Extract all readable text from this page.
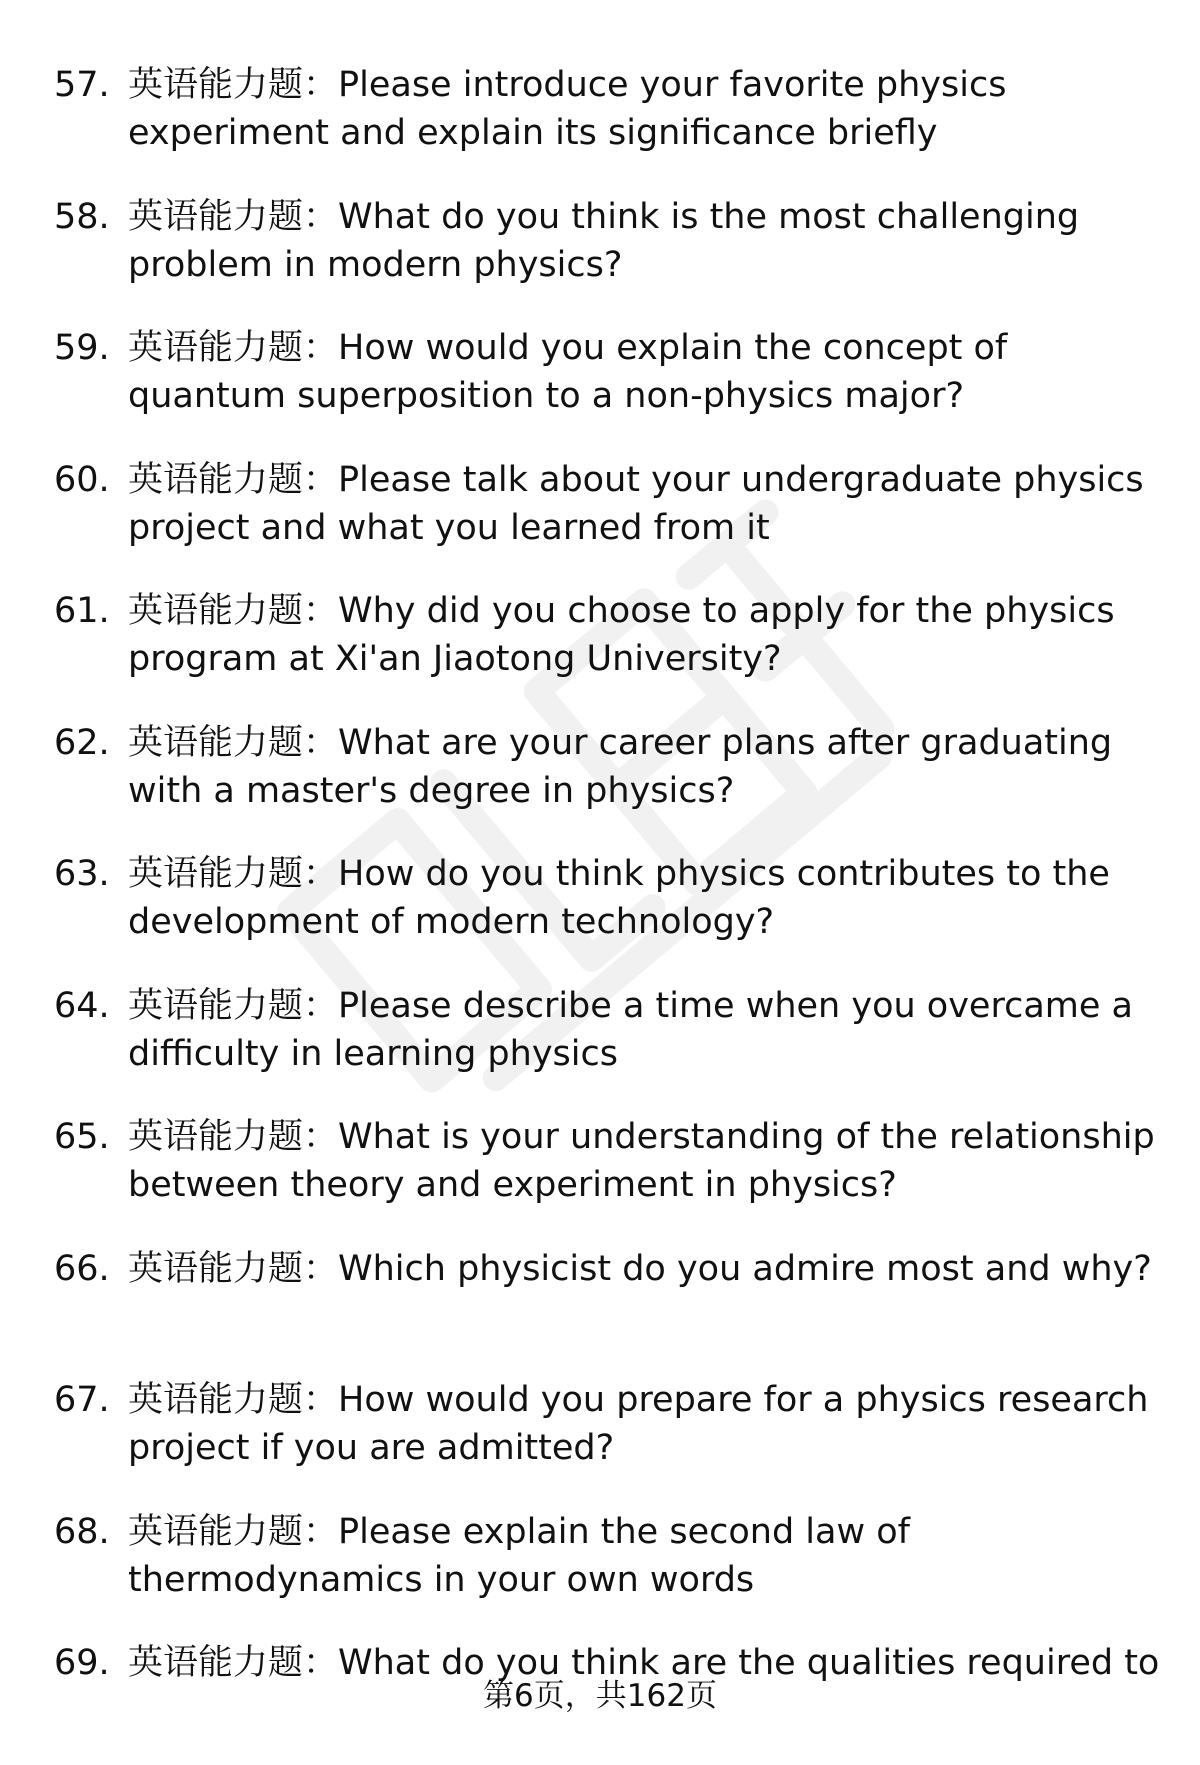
57. 英语能力题：Please introduce your favorite physics
experiment and explain its significance briefly
58. 英语能力题：What do you think is the most challenging
problem in modern physics?
59. 英语能力题：How would you explain the concept of
quantum superposition to a non-physics major?
60. 英语能力题：Please talk about your undergraduate physics
project and what you learned from it
61. 英语能力题：Why did you choose to apply for the physics
program at Xi'an Jiaotong University?
62. 英语能力题：What are your career plans after graduating
with a master's degree in physics?
63. 英语能力题：How do you think physics contributes to the
development of modern technology?
64. 英语能力题：Please describe a time when you overcame a
difficulty in learning physics
65. 英语能力题：What is your understanding of the relationship
between theory and experiment in physics?
66. 英语能力题：Which physicist do you admire most and why?
67. 英语能力题：How would you prepare for a physics research
project if you are admitted?
68. 英语能力题：Please explain the second law of
thermodynamics in your own words
69. 英语能力题：What do you think are the qualities required to
第6页，共162页
